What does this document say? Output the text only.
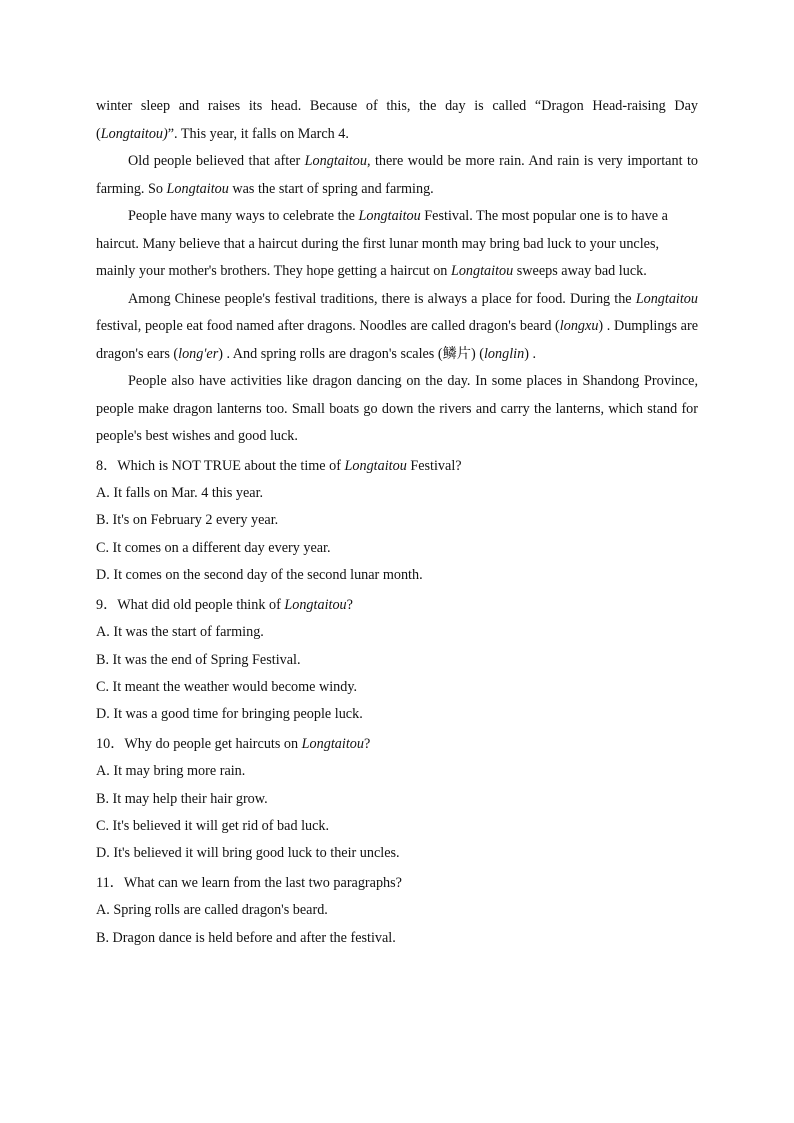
winter sleep and raises its head. Because of this, the day is called “Dragon Head-raising Day (Longtaitou)”. This year, it falls on March 4.

Old people believed that after Longtaitou, there would be more rain. And rain is very important to farming. So Longtaitou was the start of spring and farming.

People have many ways to celebrate the Longtaitou Festival. The most popular one is to have a haircut. Many believe that a haircut during the first lunar month may bring bad luck to your uncles, mainly your mother's brothers. They hope getting a haircut on Longtaitou sweeps away bad luck.

Among Chinese people's festival traditions, there is always a place for food. During the Longtaitou festival, people eat food named after dragons. Noodles are called dragon's beard (longxu) . Dumplings are dragon's ears (long'er) . And spring rolls are dragon's scales (鳞片) (longlin) .

People also have activities like dragon dancing on the day. In some places in Shandong Province, people make dragon lanterns too. Small boats go down the rivers and carry the lanterns, which stand for people's best wishes and good luck.

8．Which is NOT TRUE about the time of Longtaitou Festival?

A. It falls on Mar. 4 this year.

B. It's on February 2 every year.

C. It comes on a different day every year.

D. It comes on the second day of the second lunar month.

9．What did old people think of Longtaitou?

A. It was the start of farming.

B. It was the end of Spring Festival.

C. It meant the weather would become windy.

D. It was a good time for bringing people luck.

10．Why do people get haircuts on Longtaitou?

A. It may bring more rain.

B. It may help their hair grow.

C. It's believed it will get rid of bad luck.

D. It's believed it will bring good luck to their uncles.

11．What can we learn from the last two paragraphs?

A. Spring rolls are called dragon's beard.

B. Dragon dance is held before and after the festival.
